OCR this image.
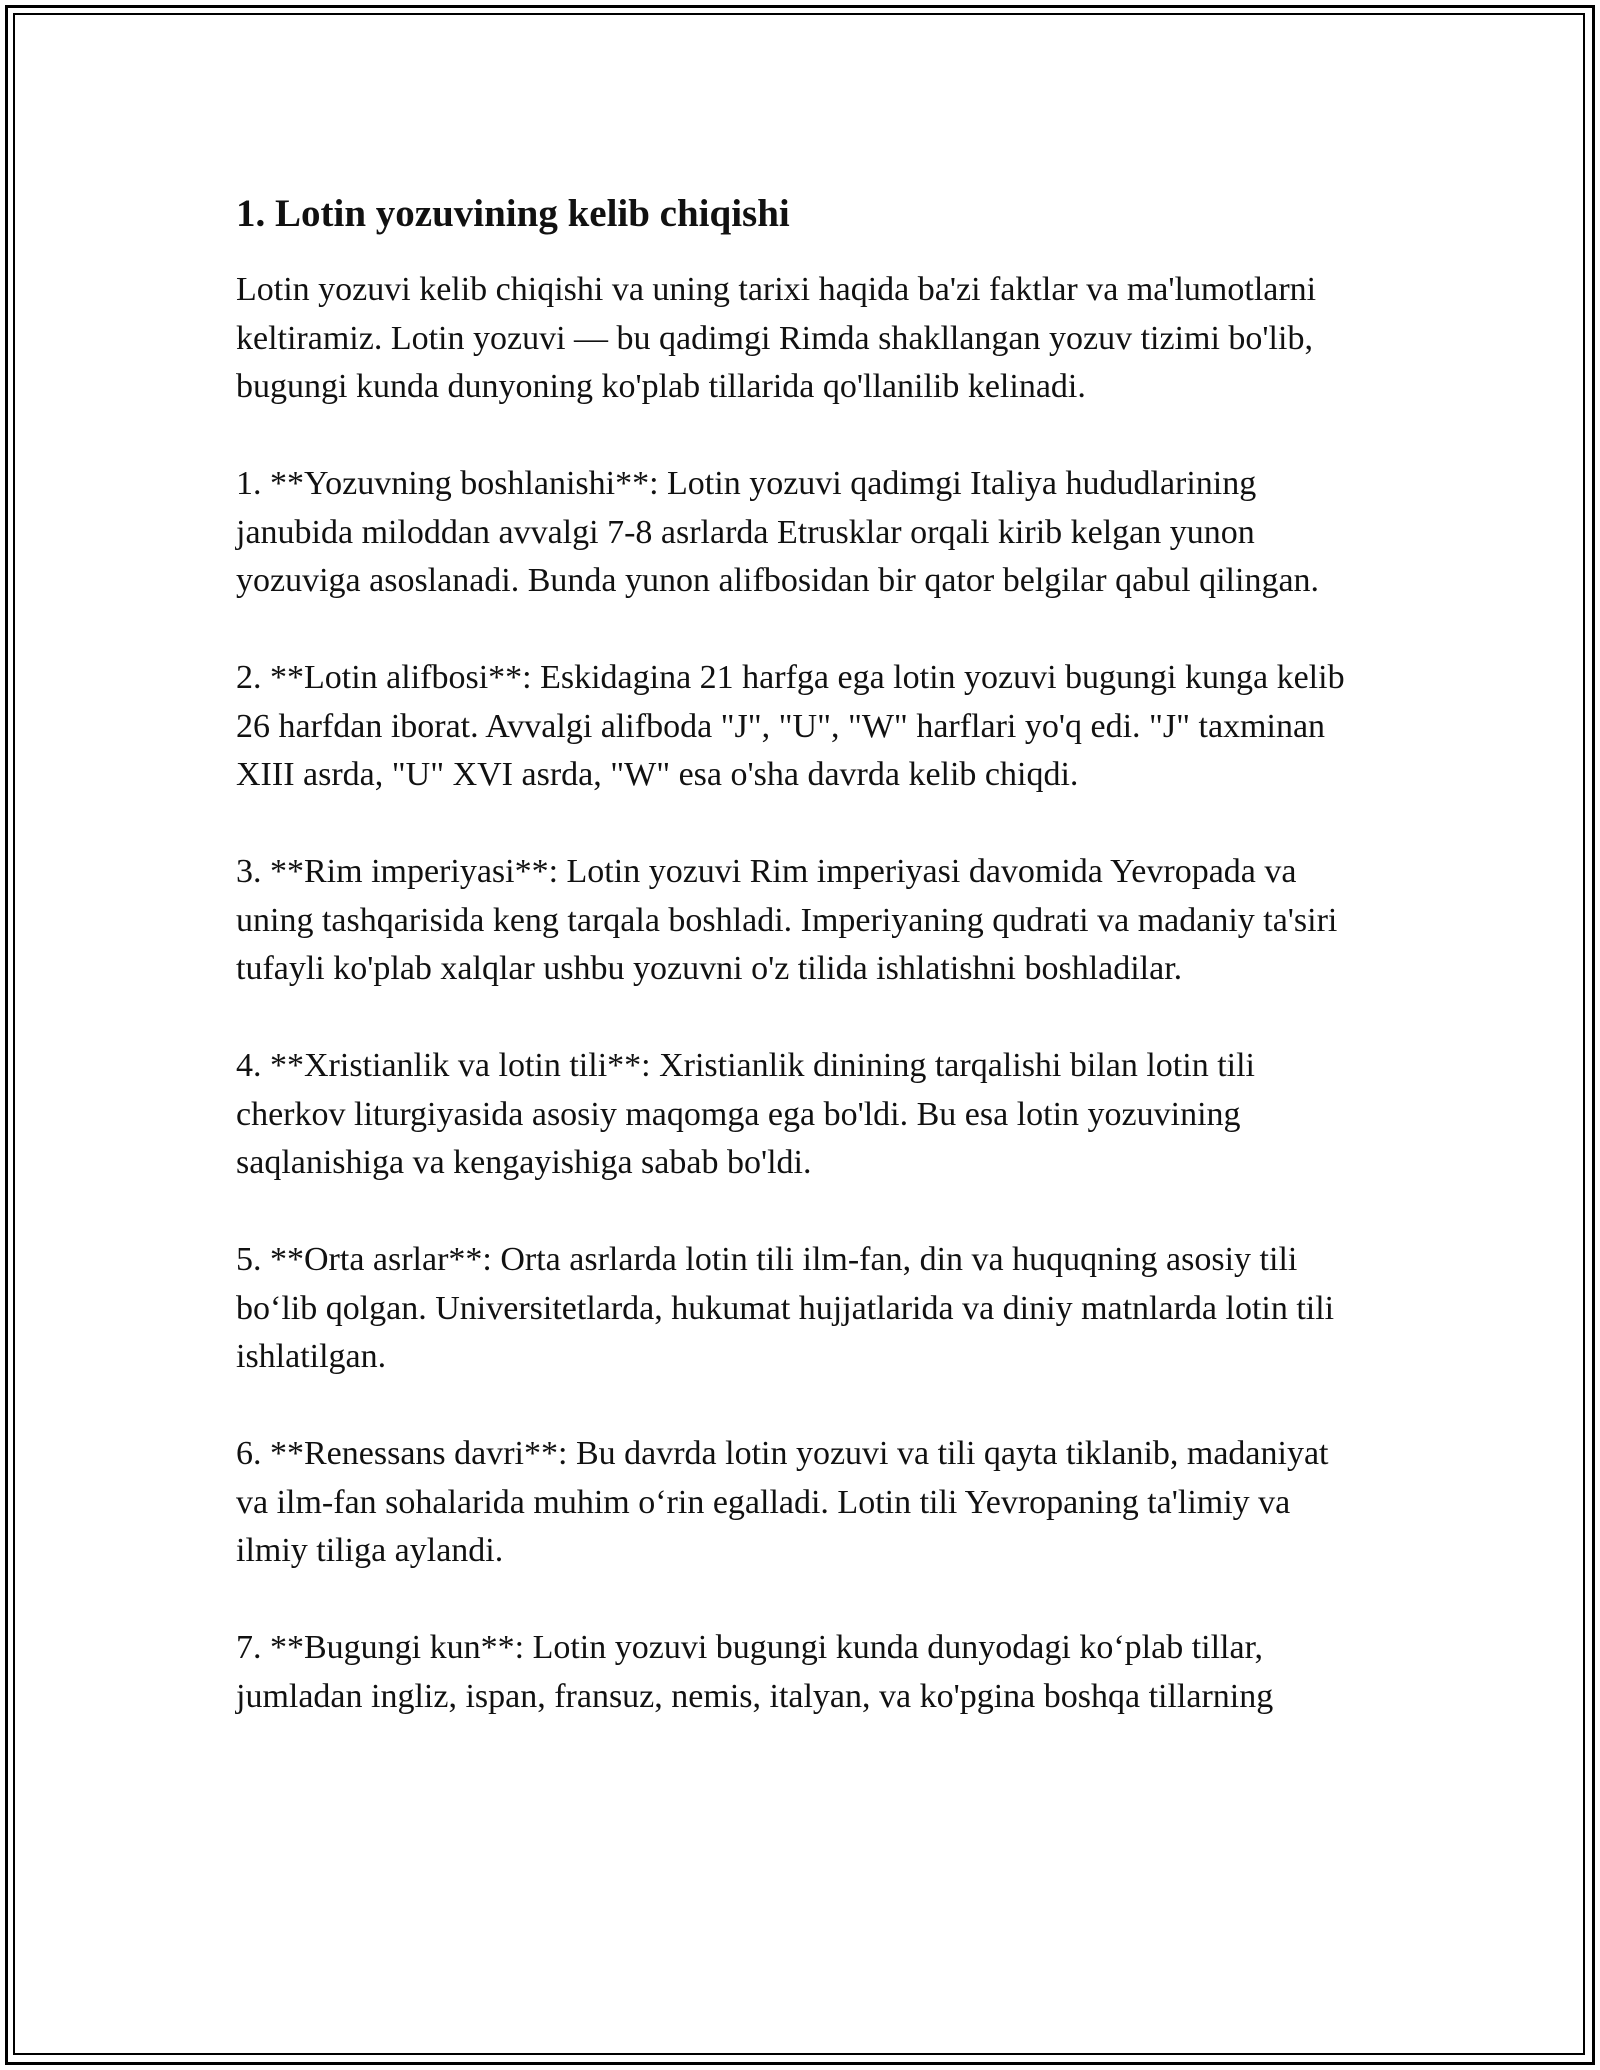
1. Lotin yozuvining kelib chiqishi

Lotin yozuvi kelib chiqishi va uning tarixi haqida ba'zi faktlar va ma'lumotlarni keltiramiz. Lotin yozuvi — bu qadimgi Rimda shakllangan yozuv tizimi bo'lib, bugungi kunda dunyoning ko'plab tillarida qo'llanilib kelinadi.

1. **Yozuvning boshlanishi**: Lotin yozuvi qadimgi Italiya hududlarining janubida miloddan avvalgi 7-8 asrlarda Etrusklar orqali kirib kelgan yunon yozuviga asoslanadi. Bunda yunon alifbosidan bir qator belgilar qabul qilingan.

2. **Lotin alifbosi**: Eskidagina 21 harfga ega lotin yozuvi bugungi kunga kelib 26 harfdan iborat. Avvalgi alifboda "J", "U", "W" harflari yo'q edi. "J" taxminan XIII asrda, "U" XVI asrda, "W" esa o'sha davrda kelib chiqdi.

3. **Rim imperiyasi**: Lotin yozuvi Rim imperiyasi davomida Yevropada va uning tashqarisida keng tarqala boshladi. Imperiyaning qudrati va madaniy ta'siri tufayli ko'plab xalqlar ushbu yozuvni o'z tilida ishlatishni boshladilar.

4. **Xristianlik va lotin tili**: Xristianlik dinining tarqalishi bilan lotin tili cherkov liturgiyasida asosiy maqomga ega bo'ldi. Bu esa lotin yozuvining saqlanishiga va kengayishiga sabab bo'ldi.

5. **Orta asrlar**: Orta asrlarda lotin tili ilm-fan, din va huquqning asosiy tili bo‘lib qolgan. Universitetlarda, hukumat hujjatlarida va diniy matnlarda lotin tili ishlatilgan.

6. **Renessans davri**: Bu davrda lotin yozuvi va tili qayta tiklanib, madaniyat va ilm-fan sohalarida muhim o‘rin egalladi. Lotin tili Yevropaning ta'limiy va ilmiy tiliga aylandi.

7. **Bugungi kun**: Lotin yozuvi bugungi kunda dunyodagi ko‘plab tillar, jumladan ingliz, ispan, fransuz, nemis, italyan, va ko'pgina boshqa tillarning
